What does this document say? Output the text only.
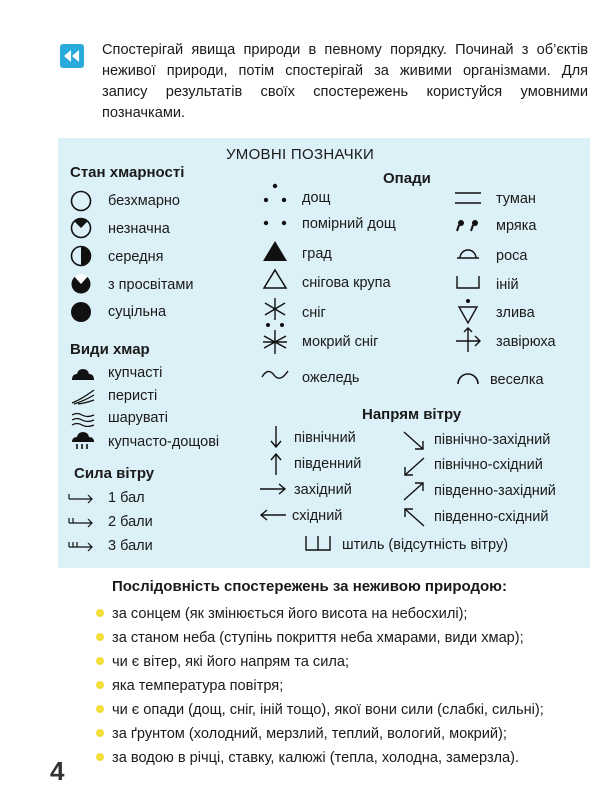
Спостерігай явища природи в певному порядку. Починай з об’єктів неживої природи, потім спостерігай за живими організмами. Для запису результатів своїх спостережень користуйся умовними позначками.
УМОВНІ ПОЗНАЧКИ
Стан хмарності
безхмарно
незначна
середня
з просвітами
суцільна
Види хмар
купчасті
перисті
шаруваті
купчасто-дощові
Сила вітру
1 бал
2 бали
3 бали
Опади
дощ
помірний дощ
град
снігова крупа
сніг
мокрий сніг
ожеледь
туман
мряка
роса
іній
злива
завірюха
веселка
Напрям вітру
північний
південний
західний
східний
північно-західний
північно-східний
південно-західний
південно-східний
штиль (відсутність вітру)
Послідовність спостережень за неживою природою:
за сонцем (як змінюється його висота на небосхилі);
за станом неба (ступінь покриття неба хмарами, види хмар);
чи є вітер, які його напрям та сила;
яка температура повітря;
чи є опади (дощ, сніг, іній тощо), якої вони сили (слабкі, сильні);
за ґрунтом (холодний, мерзлий, теплий, вологий, мокрий);
за водою в річці, ставку, калюжі (тепла, холодна, замерзла).
4
